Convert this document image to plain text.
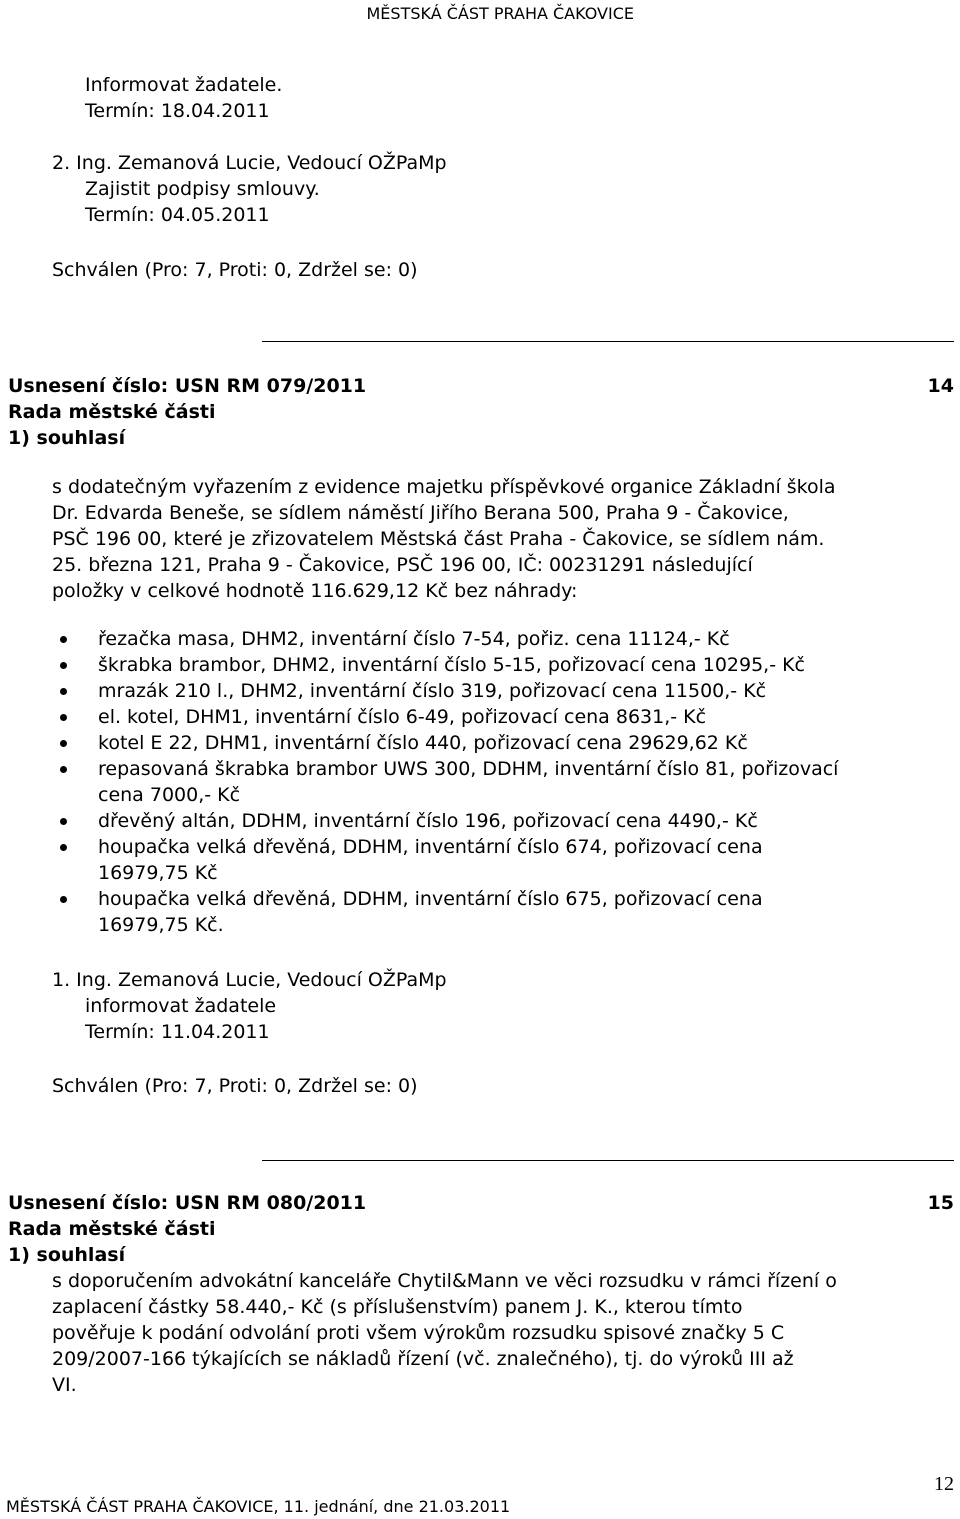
MĚSTSKÁ ČÁST PRAHA ČAKOVICE
Informovat žadatele.
Termín: 18.04.2011
2. Ing. Zemanová Lucie, Vedoucí OŽPaMp
Zajistit podpisy smlouvy.
Termín: 04.05.2011
Schválen (Pro: 7, Proti: 0, Zdržel se: 0)
Usnesení číslo: USN RM 079/2011	14
Rada městské části
1) souhlasí
s dodatečným vyřazením z evidence majetku příspěvkové organice Základní škola
Dr. Edvarda Beneše, se sídlem náměstí Jiřího Berana 500, Praha 9 - Čakovice,
PSČ 196 00, které je zřizovatelem Městská část Praha - Čakovice, se sídlem nám.
25. března 121, Praha 9 - Čakovice, PSČ 196 00, IČ: 00231291 následující
položky v celkové hodnotě 116.629,12 Kč bez náhrady:
řezačka masa, DHM2, inventární číslo 7-54, pořiz. cena 11124,- Kč
škrabka brambor, DHM2, inventární číslo 5-15, pořizovací cena 10295,- Kč
mrazák 210 l., DHM2, inventární číslo 319, pořizovací cena 11500,- Kč
el. kotel, DHM1, inventární číslo 6-49, pořizovací cena 8631,- Kč
kotel E 22, DHM1, inventární číslo 440, pořizovací cena 29629,62 Kč
repasovaná škrabka brambor UWS 300, DDHM, inventární číslo 81, pořizovací
cena 7000,- Kč
dřevěný altán, DDHM, inventární číslo 196, pořizovací cena 4490,- Kč
houpačka velká dřevěná, DDHM, inventární číslo 674, pořizovací cena
16979,75 Kč
houpačka velká dřevěná, DDHM, inventární číslo 675, pořizovací cena
16979,75 Kč.
1. Ing. Zemanová Lucie, Vedoucí OŽPaMp
informovat žadatele
Termín: 11.04.2011
Schválen (Pro: 7, Proti: 0, Zdržel se: 0)
Usnesení číslo: USN RM 080/2011	15
Rada městské části
1) souhlasí
s doporučením advokátní kanceláře Chytil&Mann ve věci rozsudku v rámci řízení o
zaplacení částky 58.440,- Kč (s příslušenstvím) panem J. K., kterou tímto
pověřuje k podání odvolání proti všem výrokům rozsudku spisové značky 5 C
209/2007-166 týkajících se nákladů řízení (vč. znalečného), tj. do výroků III až
VI.
12
MĚSTSKÁ ČÁST PRAHA ČAKOVICE, 11. jednání, dne 21.03.2011
